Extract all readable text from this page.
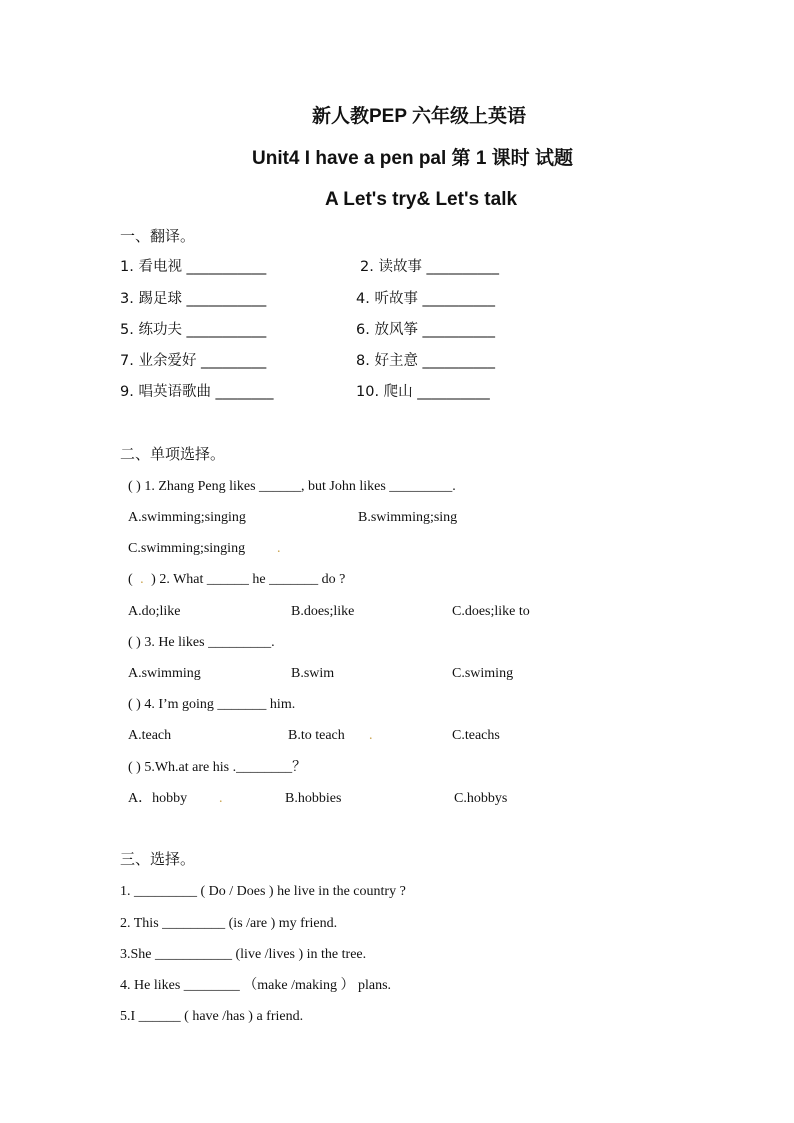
新人教PEP 六年级上英语
Unit4 I have a pen pal 第 1 课时 试题
A Let's try& Let's talk
一、翻译。
1. 看电视 ___________	2. 读故事 __________
3. 踢足球 ___________	4. 听故事 __________
5. 练功夫 ___________	6. 放风筝 __________
7. 业余爱好 _________	8. 好主意 __________
9. 唱英语歌曲 ________	10. 爬山 __________
二、单项选择。
( ) 1. Zhang Peng likes ______, but John likes _________.
A.swimming;singing	B.swimming;sing
C.swimming;singing .
( . ) 2. What ______ he _______ do ?
A.do;like	B.does;like	C.does;like to
( ) 3. He likes _________.
A.swimming	B.swim	C.swiming
( ) 4. I’m going _______ him.
A.teach	B.to teach .	C.teachs
( ) 5.Wh.at are his .________？
A．hobby .	B.hobbies	C.hobbys
三、选择。
1. _________ ( Do / Does ) he live in the country ?
2. This _________ (is /are ) my friend.
3.She ___________ (live /lives ) in the tree.
4. He likes ________ （make /making ） plans.
5.I ______ ( have /has ) a friend.
